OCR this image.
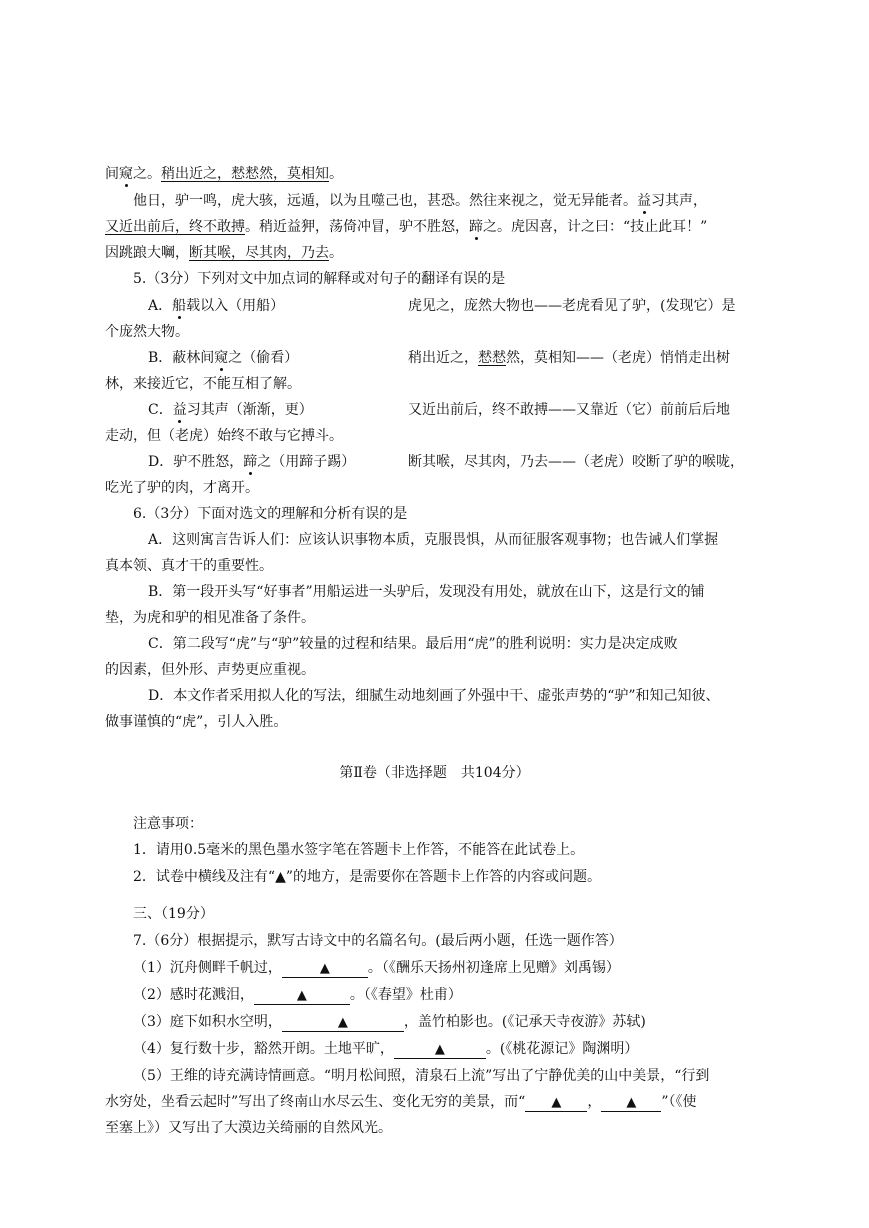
间窥之。稍出近之，慭慭然，莫相知。
他日，驴一鸣，虎大骇，远遁，以为且噬己也，甚恐。然往来视之，觉无异能者。益习其声，
又近出前后，终不敢搏。稍近益狎，荡倚冲冒，驴不胜怒，蹄之。虎因喜，计之曰：“技止此耳！”
因跳踉大㘎，断其喉，尽其肉，乃去。
5.（3分）下列对文中加点词的解释或对句子的翻译有误的是
A．船载以入（用船）	虎见之，庞然大物也——老虎看见了驴，(发现它）是
个庞然大物。
B．蔽林间窥之（偷看）	稍出近之，慭慭然，莫相知——（老虎）悄悄走出树
林，来接近它，不能互相了解。
C．益习其声（渐渐，更）	又近出前后，终不敢搏——又靠近（它）前前后后地
走动，但（老虎）始终不敢与它搏斗。
D．驴不胜怒，蹄之（用蹄子踢）	断其喉，尽其肉，乃去——（老虎）咬断了驴的喉咙，
吃光了驴的肉，才离开。
6.（3分）下面对选文的理解和分析有误的是
A．这则寓言告诉人们：应该认识事物本质，克服畏惧，从而征服客观事物；也告诫人们掌握
真本领、真才干的重要性。
B．第一段开头写“好事者”用船运进一头驴后，发现没有用处，就放在山下，这是行文的铺
垫，为虎和驴的相见准备了条件。
C．第二段写“虎”与“驴”较量的过程和结果。最后用“虎”的胜利说明：实力是决定成败
的因素，但外形、声势更应重视。
D．本文作者采用拟人化的写法，细腻生动地刻画了外强中干、虚张声势的“驴”和知己知彼、
做事谨慎的“虎”，引人入胜。
第Ⅱ卷（非选择题　共104分）
注意事项：
1．请用0.5毫米的黑色墨水签字笔在答题卡上作答，不能答在此试卷上。
2．试卷中横线及注有“▲”的地方，是需要你在答题卡上作答的内容或问题。
三、（19分）
7.（6分）根据提示，默写古诗文中的名篇名句。(最后两小题，任选一题作答）
（1）沉舟侧畔千帆过，	▲	。（《酬乐天扬州初逢席上见赠》刘禹锡）
（2）感时花溅泪，	▲	。（《春望》杜甫）
（3）庭下如积水空明，	▲	，盖竹柏影也。(《记承天寺夜游》苏轼)
（4）复行数十步，豁然开朗。土地平旷，	▲	。(《桃花源记》陶渊明）
（5）王维的诗充满诗情画意。“明月松间照，清泉石上流”写出了宁静优美的山中美景，“行到
水穷处，坐看云起时”写出了终南山水尽云生、变化无穷的美景，而“ ▲ ， ▲ ”（《使
至塞上》）又写出了大漠边关绮丽的自然风光。
